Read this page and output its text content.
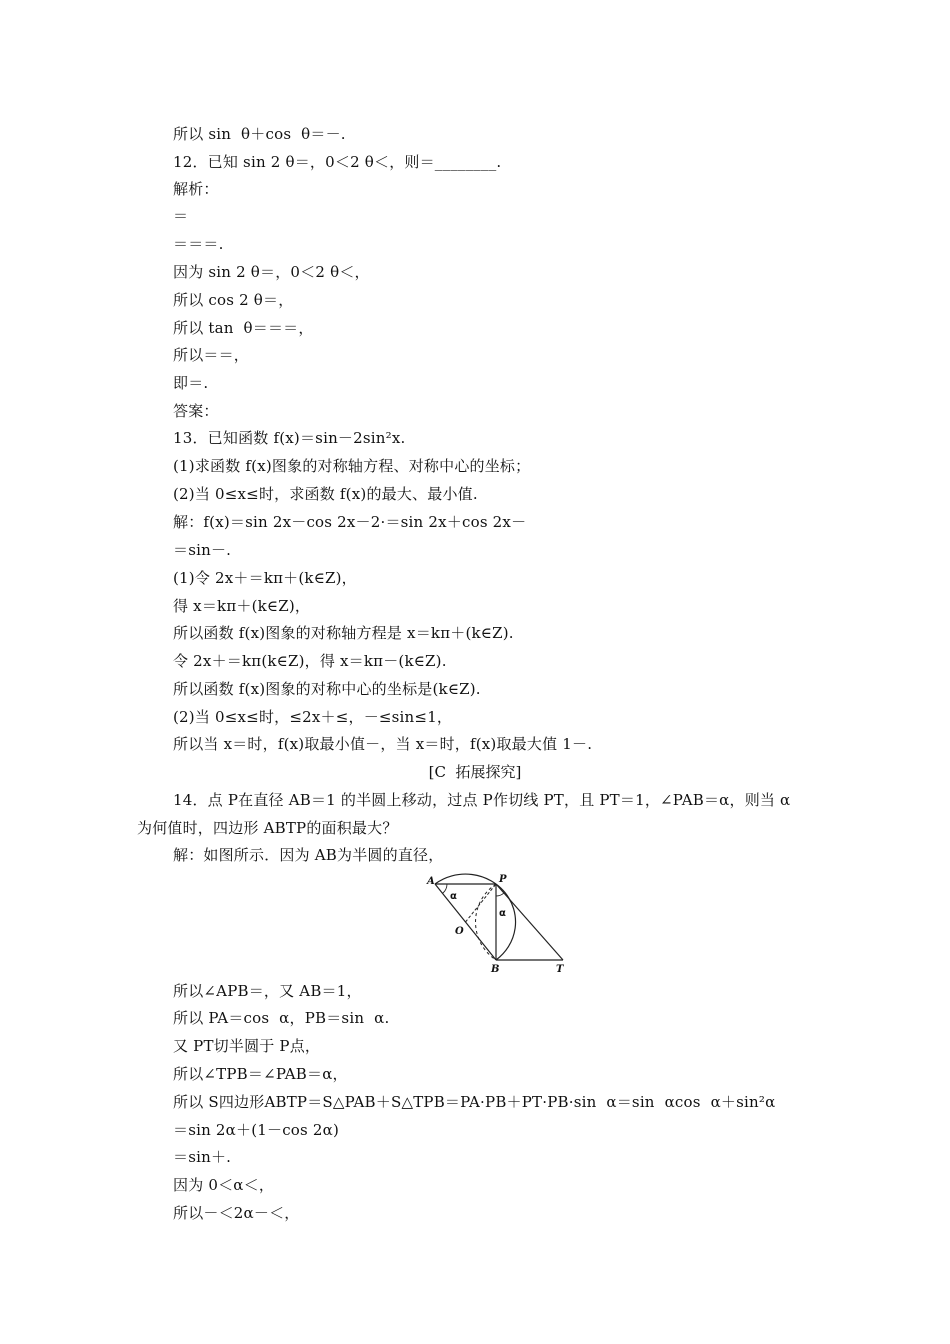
所以 sin  θ＋cos  θ＝－.
12．已知 sin 2 θ＝，0＜2 θ＜，则＝________.
解析：
＝
＝＝＝.
因为 sin 2 θ＝，0＜2 θ＜，
所以 cos 2 θ＝，
所以 tan  θ＝＝＝，
所以＝＝，
即＝.
答案：
13．已知函数 f(x)＝sin－2sin²x.
(1)求函数 f(x)图象的对称轴方程、对称中心的坐标；
(2)当 0≤x≤时，求函数 f(x)的最大、最小值.
解：f(x)＝sin 2x－cos 2x－2·＝sin 2x＋cos 2x－
＝sin－.
(1)令 2x＋＝kπ＋(k∈Z)，
得 x＝kπ＋(k∈Z)，
所以函数 f(x)图象的对称轴方程是 x＝kπ＋(k∈Z).
令 2x＋＝kπ(k∈Z)，得 x＝kπ－(k∈Z).
所以函数 f(x)图象的对称中心的坐标是(k∈Z).
(2)当 0≤x≤时，≤2x＋≤，－≤sin≤1，
所以当 x＝时，f(x)取最小值－，当 x＝时，f(x)取最大值 1－.
[C  拓展探究]
14．点 P在直径 AB＝1 的半圆上移动，过点 P作切线 PT，且 PT＝1，∠PAB＝α，则当 α
为何值时，四边形 ABTP的面积最大？
解：如图所示．因为 AB为半圆的直径，
A	P
O
B	T
α
α
所以∠APB＝，又 AB＝1，
所以 PA＝cos  α，PB＝sin  α.
又 PT切半圆于 P点，
所以∠TPB＝∠PAB＝α，
所以 S四边形ABTP＝S△PAB＋S△TPB＝PA·PB＋PT·PB·sin  α＝sin  αcos  α＋sin²α
＝sin 2α＋(1－cos 2α)
＝sin＋.
因为 0＜α＜，
所以－＜2α－＜，
